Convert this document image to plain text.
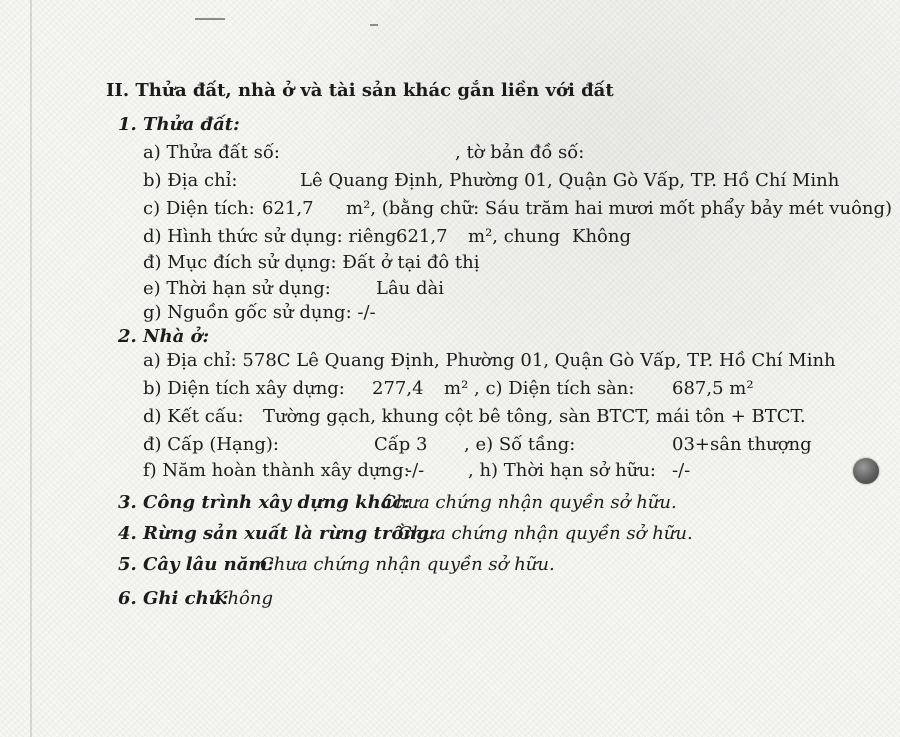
II. Thửa đất, nhà ở và tài sản khác gắn liền với đất
1. Thửa đất:
a) Thửa đất số:	, tờ bản đồ số:
b) Địa chỉ:	Lê Quang Định, Phường 01, Quận Gò Vấp, TP. Hồ Chí Minh
c) Diện tích: 621,7 m², (bằng chữ: Sáu trăm hai mươi mốt phẩy bảy mét vuông)
d) Hình thức sử dụng: riêng 621,7 m², chung Không
đ) Mục đích sử dụng: Đất ở tại đô thị
e) Thời hạn sử dụng:	Lâu dài
g) Nguồn gốc sử dụng: -/-
2. Nhà ở:
a) Địa chỉ: 578C Lê Quang Định, Phường 01, Quận Gò Vấp, TP. Hồ Chí Minh
b) Diện tích xây dựng: 277,4 m² , c) Diện tích sàn: 687,5 m²
d) Kết cấu: Tường gạch, khung cột bê tông, sàn BTCT, mái tôn + BTCT.
đ) Cấp (Hạng):	Cấp 3 , e) Số tầng:	03+sân thượng
f) Năm hoàn thành xây dựng:
-/- , h) Thời hạn sở hữu: -/-
3. Công trình xây dựng khác:
Chưa chứng nhận quyền sở hữu.
4. Rừng sản xuất là rừng trồng:
Chưa chứng nhận quyền sở hữu.
5. Cây lâu năm:
Chưa chứng nhận quyền sở hữu.
6. Ghi chú:
Không
